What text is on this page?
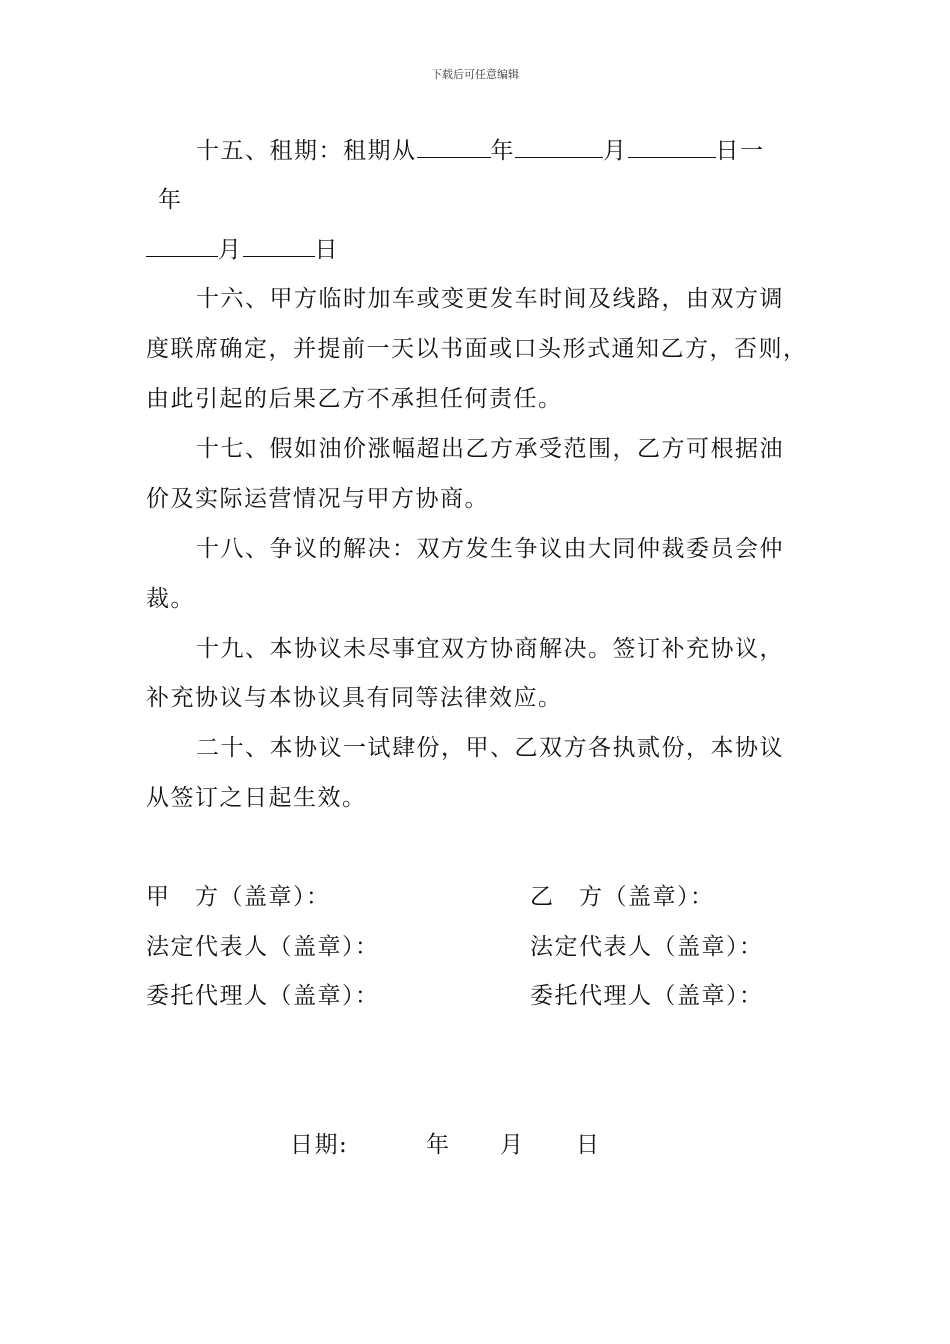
下载后可任意编辑
十五、租期：租期从	年	月	日一
年
月	日
十六、甲方临时加车或变更发车时间及线路，由双方调
度联席确定，并提前一天以书面或口头形式通知乙方，否则，
由此引起的后果乙方不承担任何责任。
十七、假如油价涨幅超出乙方承受范围，乙方可根据油
价及实际运营情况与甲方协商。
十八、争议的解决：双方发生争议由大同仲裁委员会仲
裁。
十九、本协议未尽事宜双方协商解决。签订补充协议，
补充协议与本协议具有同等法律效应。
二十、本协议一试肆份，甲、乙双方各执贰份，本协议
从签订之日起生效。
甲　方（盖章）：	乙　方（盖章）：
法定代表人（盖章）：	法定代表人（盖章）：
委托代理人（盖章）：	委托代理人（盖章）：
日期:	年 月 日
